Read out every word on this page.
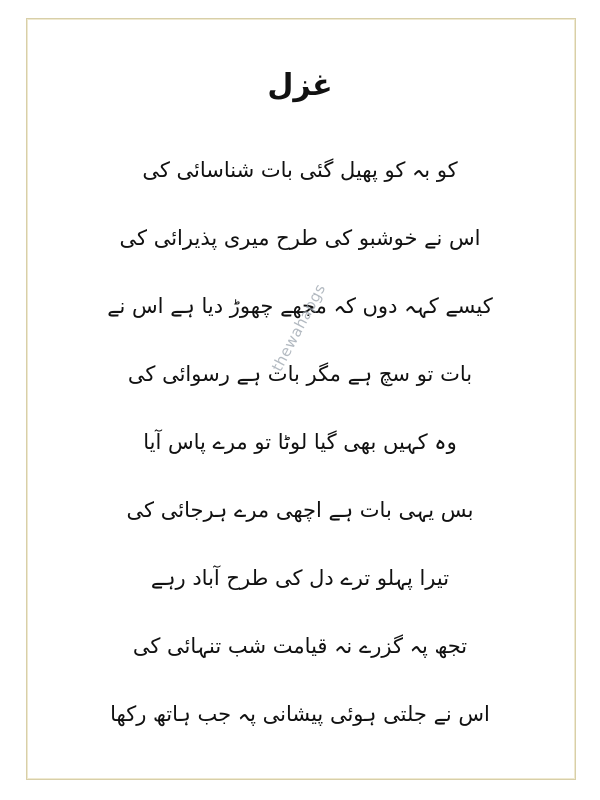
غزل
کو بہ کو پھیل گئی بات شناسائی کی
اس نے خوشبو کی طرح میری پذیرائی کی
کیسے کہہ دوں کہ مجھے چھوڑ دیا ہے اس نے
بات تو سچ ہے مگر بات ہے رسوائی کی
وہ کہیں بھی گیا لوٹا تو مرے پاس آیا
بس یہی بات ہے اچھی مرے ہرجائی کی
تیرا پہلو ترے دل کی طرح آباد رہے
تجھ پہ گزرے نہ قیامت شب تنہائی کی
اس نے جلتی ہوئی پیشانی پہ جب ہاتھ رکھا
thewahapgs
